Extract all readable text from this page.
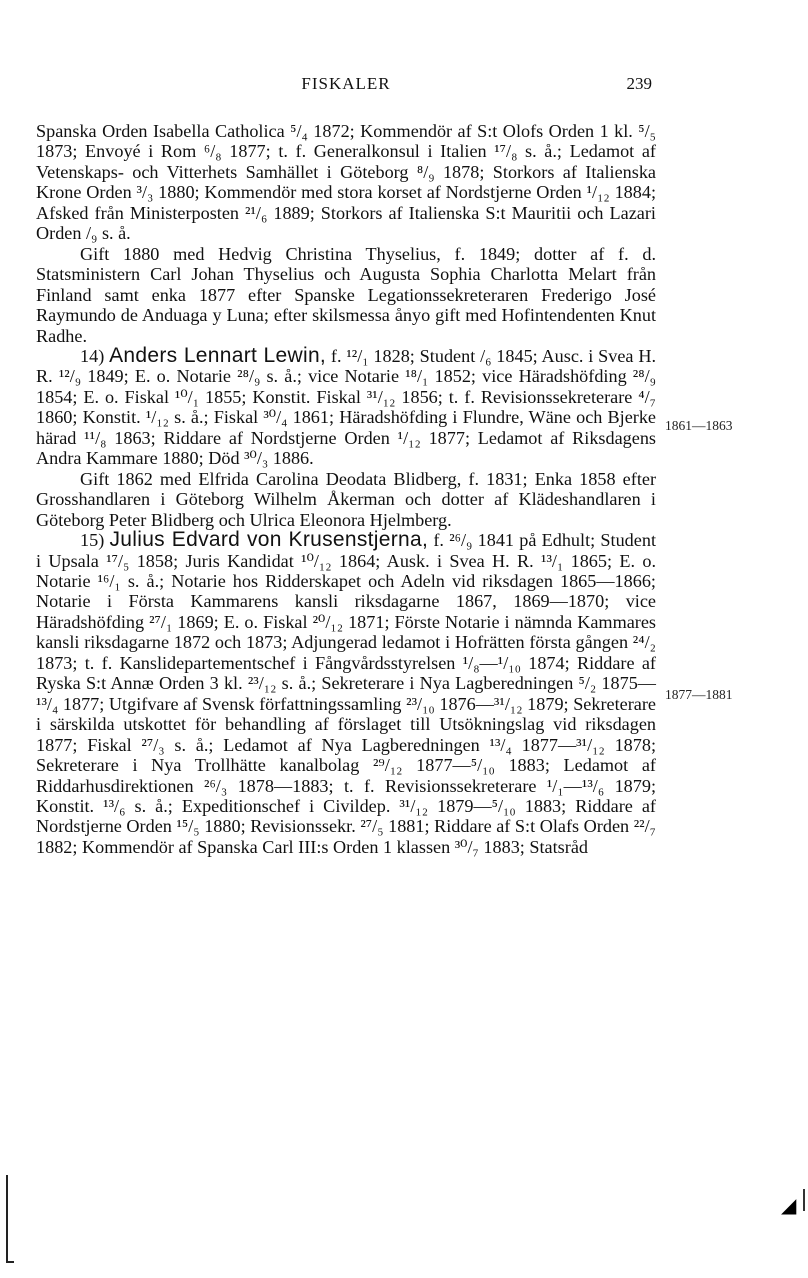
FISKALER	239

Spanska Orden Isabella Catholica ⁵/₄ 1872; Kommendör af S:t Olofs Orden 1 kl. ⁵/₅ 1873; Envoyé i Rom ⁶/₈ 1877; t. f. Generalkonsul i Italien ¹⁷/₈ s. å.; Ledamot af Vetenskaps- och Vitterhets Samhället i Göteborg ⁸/₉ 1878; Storkors af Italienska Krone Orden ³/₃ 1880; Kommendör med stora korset af Nordstjerne Orden ¹/₁₂ 1884; Afsked från Ministerposten ²¹/₆ 1889; Storkors af Italienska S:t Mauritii och Lazari Orden /₉ s. å.

Gift 1880 med Hedvig Christina Thyselius, f. 1849; dotter af f. d. Statsministern Carl Johan Thyselius och Augusta Sophia Charlotta Melart från Finland samt enka 1877 efter Spanske Legationssekreteraren Frederigo José Raymundo de Anduaga y Luna; efter skilsmessa ånyo gift med Hofintendenten Knut Radhe.

14) Anders Lennart Lewin, f. ¹²/₁ 1828; Student /₆ 1845; Ausc. i Svea H. R. ¹²/₉ 1849; E. o. Notarie ²⁸/₉ s. å.; vice Notarie ¹⁸/₁ 1852; vice Häradshöfding ²⁸/₉ 1854; E. o. Fiskal ¹⁰/₁ 1855; Konstit. Fiskal ³¹/₁₂ 1856; t. f. Revisionssekreterare ⁴/₇ 1860; Konstit. ¹/₁₂ s. å.; Fiskal ³⁰/₄ 1861; Häradshöfding i Flundre, Wäne och Bjerke härad ¹¹/₈ 1863; Riddare af Nordstjerne Orden ¹/₁₂ 1877; Ledamot af Riksdagens Andra Kammare 1880; Död ³⁰/₃ 1886.

Gift 1862 med Elfrida Carolina Deodata Blidberg, f. 1831; Enka 1858 efter Grosshandlaren i Göteborg Wilhelm Åkerman och dotter af Klädeshandlaren i Göteborg Peter Blidberg och Ulrica Eleonora Hjelmberg.

15) Julius Edvard von Krusenstjerna, f. ²⁶/₉ 1841 på Edhult; Student i Upsala ¹⁷/₅ 1858; Juris Kandidat ¹⁰/₁₂ 1864; Ausk. i Svea H. R. ¹³/₁ 1865; E. o. Notarie ¹⁶/₁ s. å.; Notarie hos Ridderskapet och Adeln vid riksdagen 1865—1866; Notarie i Första Kammarens kansli riksdagarne 1867, 1869—1870; vice Häradshöfding ²⁷/₁ 1869; E. o. Fiskal ²⁰/₁₂ 1871; Förste Notarie i nämnda Kammares kansli riksdagarne 1872 och 1873; Adjungerad ledamot i Hofrätten första gången ²⁴/₂ 1873; t. f. Kanslidepartementschef i Fångvårdsstyrelsen ¹/₈—¹/₁₀ 1874; Riddare af Ryska S:t Annæ Orden 3 kl. ²³/₁₂ s. å.; Sekreterare i Nya Lagberedningen ⁵/₂ 1875—¹³/₄ 1877; Utgifvare af Svensk författningssamling ²³/₁₀ 1876—³¹/₁₂ 1879; Sekreterare i särskilda utskottet för behandling af förslaget till Utsökningslag vid riksdagen 1877; Fiskal ²⁷/₃ s. å.; Ledamot af Nya Lagberedningen ¹³/₄ 1877—³¹/₁₂ 1878; Sekreterare i Nya Trollhätte kanalbolag ²⁹/₁₂ 1877—⁵/₁₀ 1883; Ledamot af Riddarhusdirektionen ²⁶/₃ 1878—1883; t. f. Revisionssekreterare ¹/₁—¹³/₆ 1879; Konstit. ¹³/₆ s. å.; Expeditionschef i Civildep. ³¹/₁₂ 1879—⁵/₁₀ 1883; Riddare af Nordstjerne Orden ¹⁵/₅ 1880; Revisionssekr. ²⁷/₅ 1881; Riddare af S:t Olafs Orden ²²/₇ 1882; Kommendör af Spanska Carl III:s Orden 1 klassen ³⁰/₇ 1883; Statsråd

1861—1863
1877—1881
◢
